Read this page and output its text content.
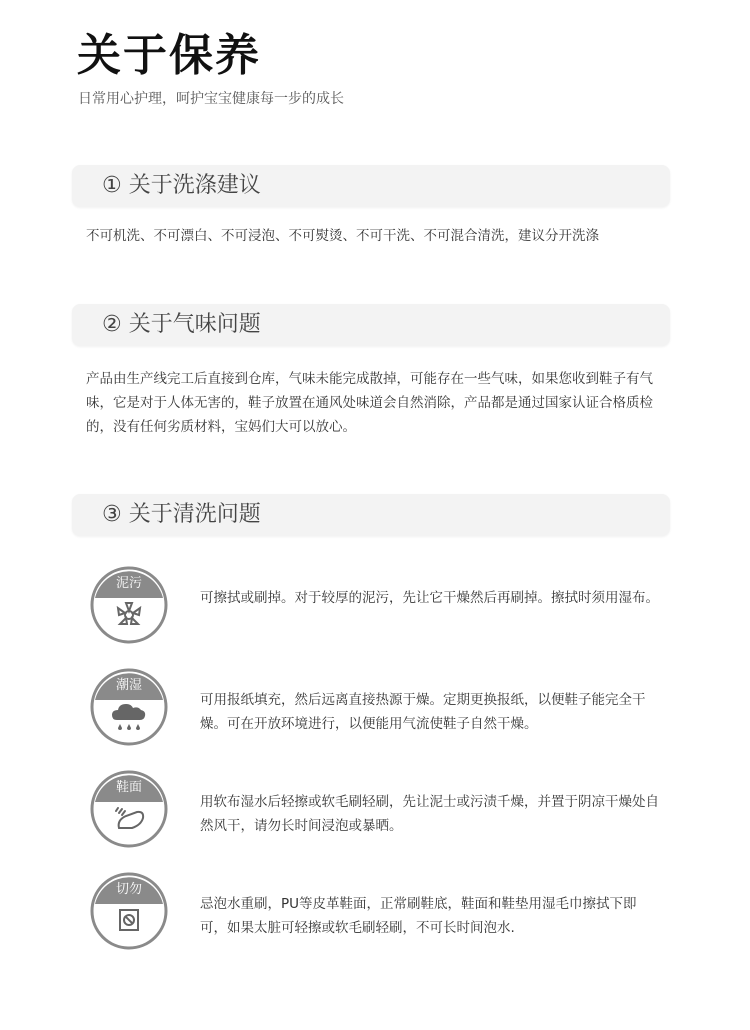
关于保养
日常用心护理，呵护宝宝健康每一步的成长
① 关于洗涤建议
不可机洗、不可漂白、不可浸泡、不可熨烫、不可干洗、不可混合清洗，建议分开洗涤
② 关于气味问题
产品由生产线完工后直接到仓库，气味未能完成散掉，可能存在一些气味，如果您收到鞋子有气味，它是对于人体无害的，鞋子放置在通风处味道会自然消除，产品都是通过国家认证合格质检的，没有任何劣质材料，宝妈们大可以放心。
③ 关于清洗问题
泥污
可擦拭或刷掉。对于较厚的泥污，先让它干燥然后再刷掉。擦拭时须用湿布。
潮湿
可用报纸填充，然后远离直接热源于燥。定期更换报纸，以便鞋子能完全干燥。可在开放环境进行，以便能用气流使鞋子自然干燥。
鞋面
用软布湿水后轻擦或软毛刷轻刷，先让泥士或污渍千燥，并置于阴凉干燥处自然风干，请勿长时间浸泡或暴晒。
切勿
忌泡水重刷，PU等皮革鞋面，正常刷鞋底，鞋面和鞋垫用湿毛巾擦拭下即可，如果太脏可轻擦或软毛刷轻刷，不可长时间泡水.
